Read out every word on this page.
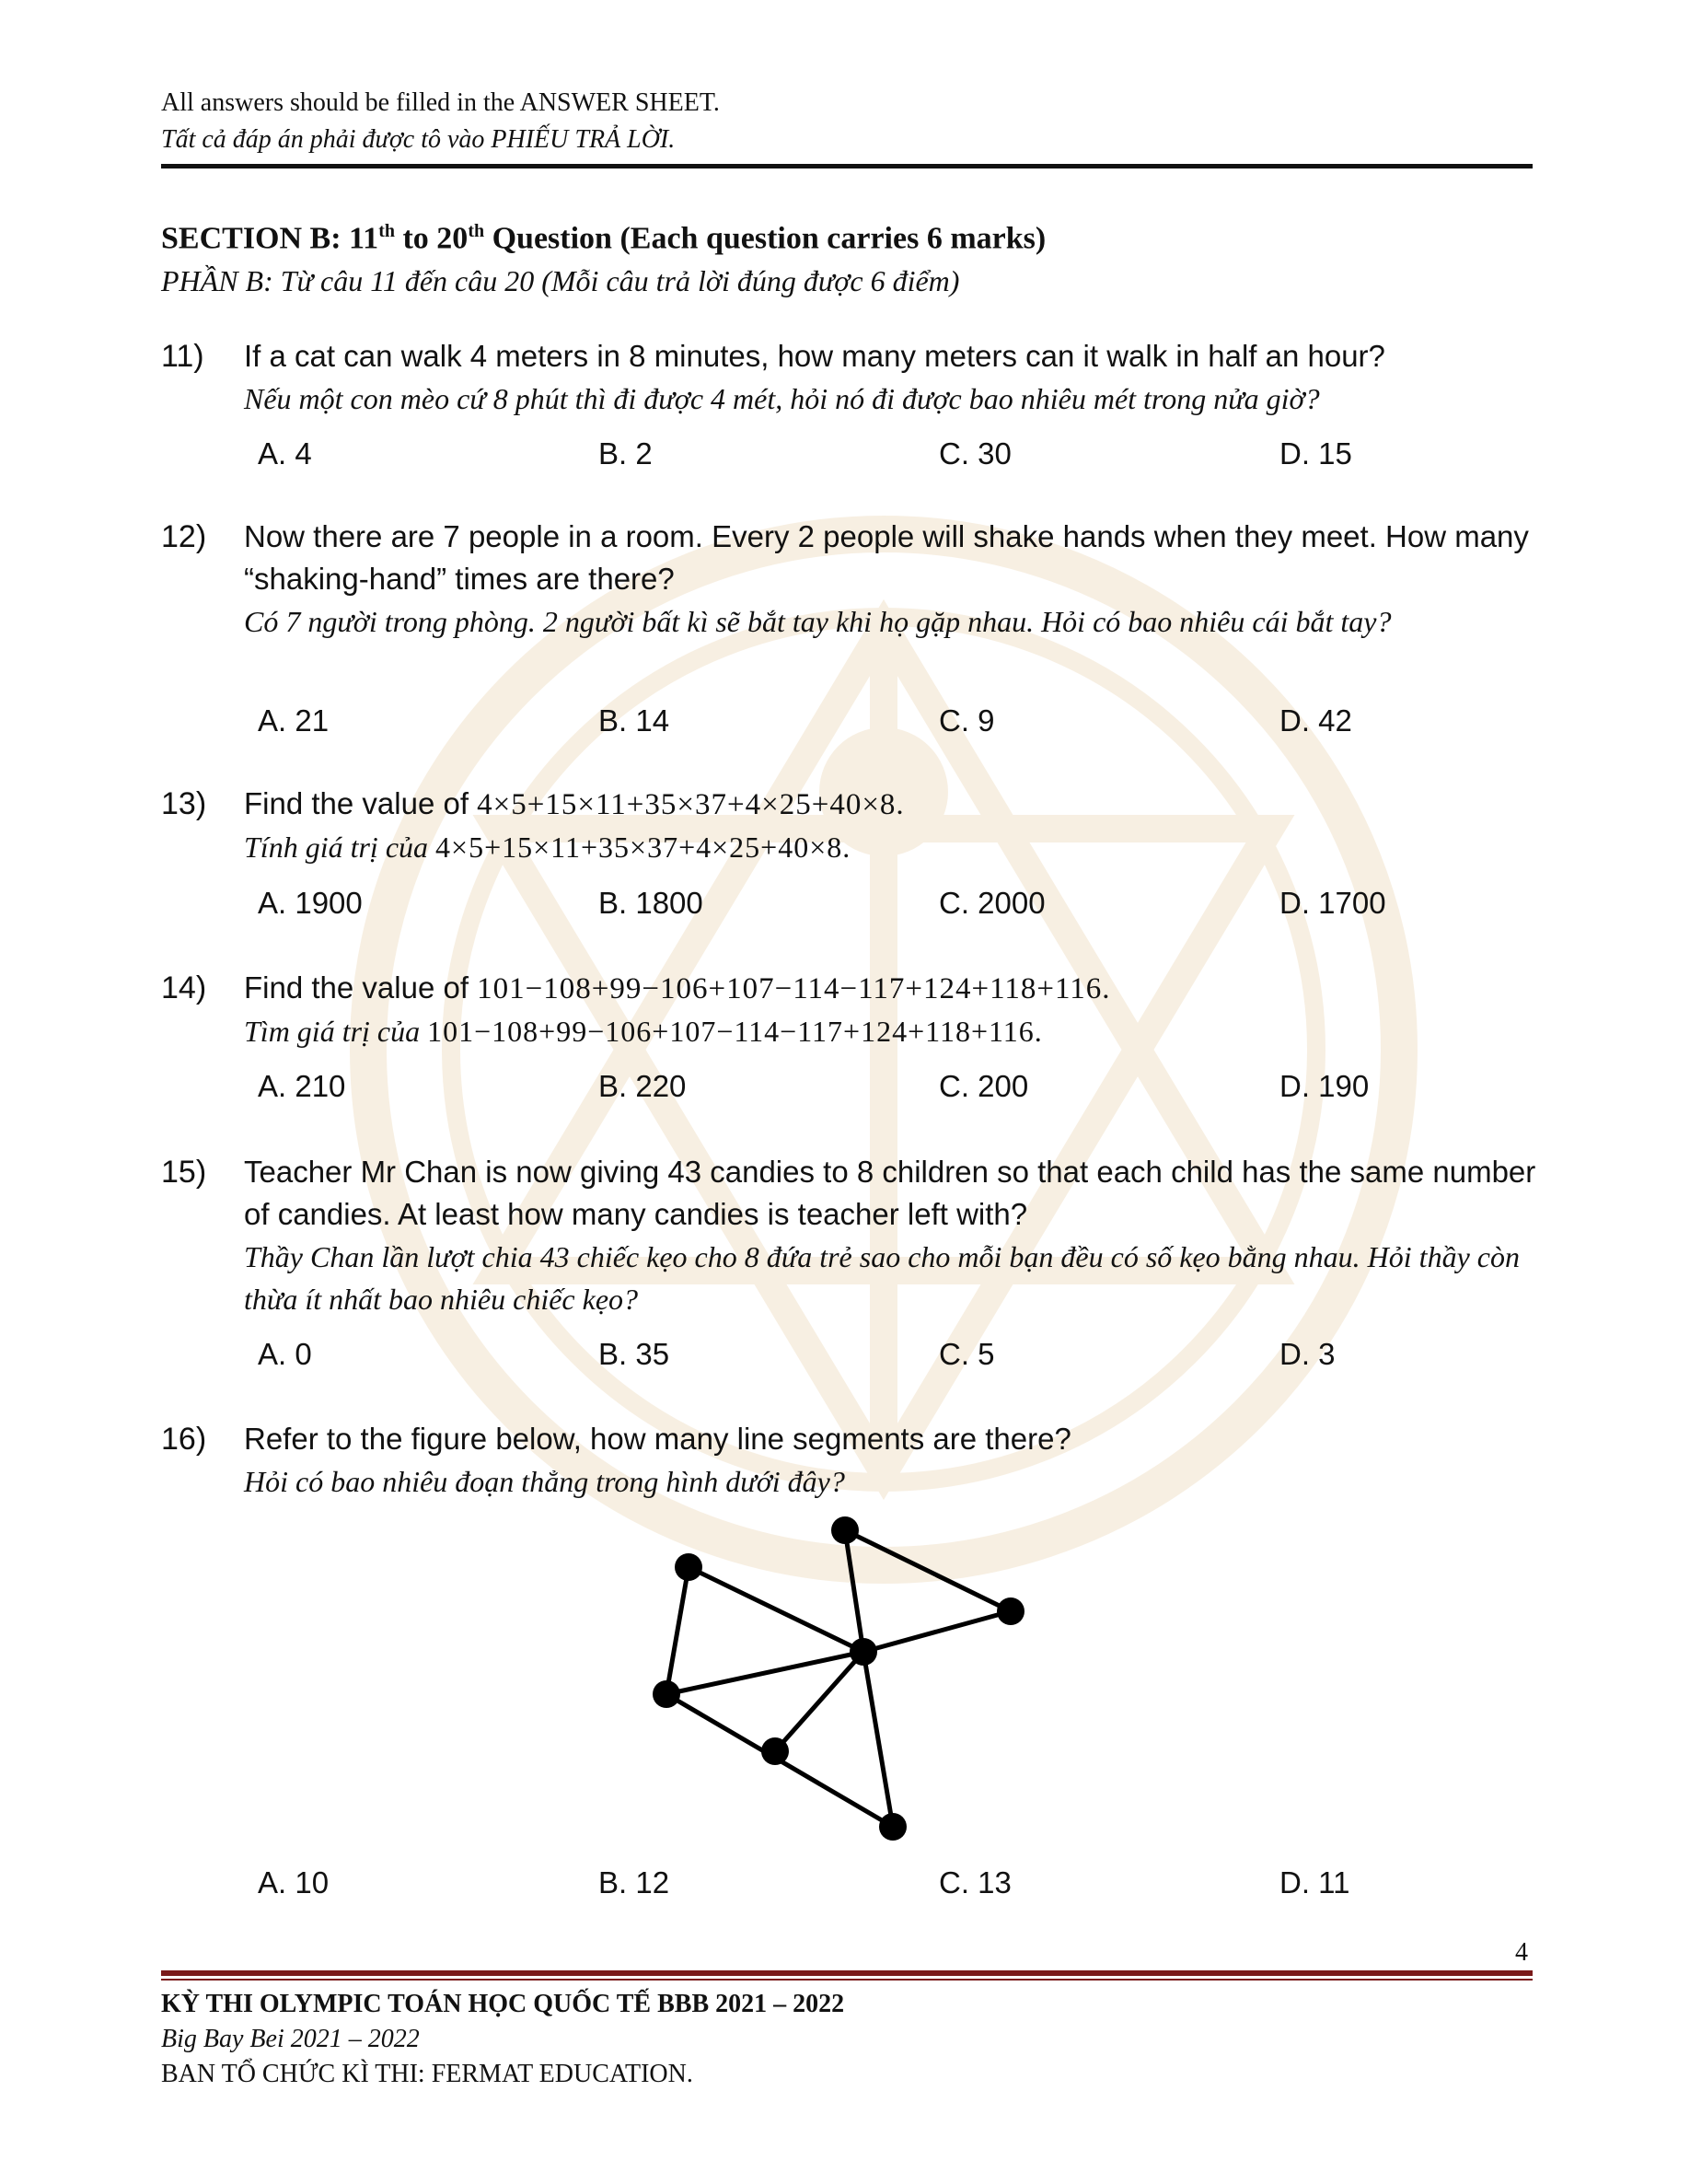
All answers should be filled in the ANSWER SHEET.
Tất cả đáp án phải được tô vào PHIẾU TRẢ LỜI.
SECTION B: 11th to 20th Question (Each question carries 6 marks)
PHẦN B: Từ câu 11 đến câu 20 (Mỗi câu trả lời đúng được 6 điểm)
11) If a cat can walk 4 meters in 8 minutes, how many meters can it walk in half an hour?
Nếu một con mèo cứ 8 phút thì đi được 4 mét, hỏi nó đi được bao nhiêu mét trong nửa giờ?
A. 4	B. 2	C. 30	D. 15
12) Now there are 7 people in a room. Every 2 people will shake hands when they meet. How many “shaking-hand” times are there?
Có 7 người trong phòng. 2 người bất kì sẽ bắt tay khi họ gặp nhau. Hỏi có bao nhiêu cái bắt tay?
A. 21	B. 14	C. 9	D. 42
13) Find the value of 4×5+15×11+35×37+4×25+40×8.
Tính giá trị của 4×5+15×11+35×37+4×25+40×8.
A. 1900	B. 1800	C. 2000	D. 1700
14) Find the value of 101−108+99−106+107−114−117+124+118+116.
Tìm giá trị của 101−108+99−106+107−114−117+124+118+116.
A. 210	B. 220	C. 200	D. 190
15) Teacher Mr Chan is now giving 43 candies to 8 children so that each child has the same number of candies. At least how many candies is teacher left with?
Thầy Chan lần lượt chia 43 chiếc kẹo cho 8 đứa trẻ sao cho mỗi bạn đều có số kẹo bằng nhau. Hỏi thầy còn thừa ít nhất bao nhiêu chiếc kẹo?
A. 0	B. 35	C. 5	D. 3
16) Refer to the figure below, how many line segments are there?
Hỏi có bao nhiêu đoạn thẳng trong hình dưới đây?
A. 10	B. 12	C. 13	D. 11
4
KỲ THI OLYMPIC TOÁN HỌC QUỐC TẾ BBB 2021 – 2022
Big Bay Bei 2021 – 2022
BAN TỔ CHỨC KÌ THI: FERMAT EDUCATION.
